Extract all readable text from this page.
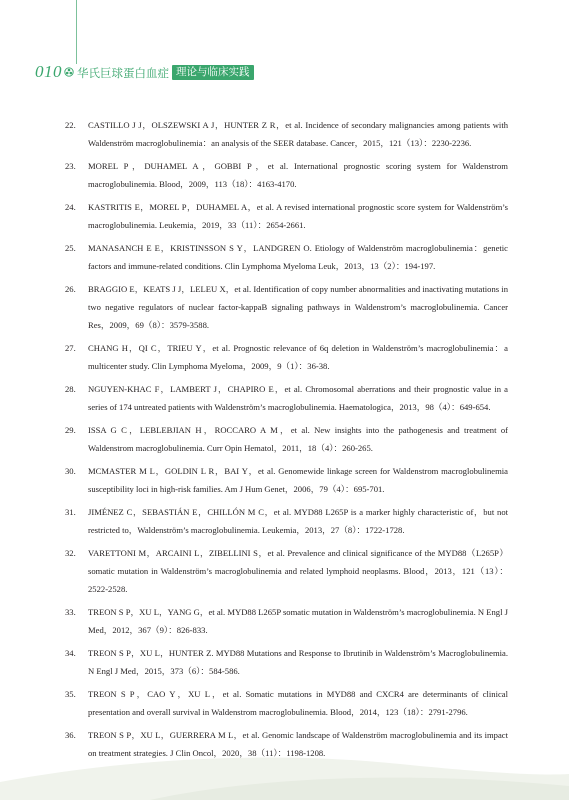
010 华氏巨球蛋白血症 理论与临床实践
22. CASTILLO J J，OLSZEWSKI A J，HUNTER Z R，et al. Incidence of secondary malignancies among patients with Waldenström macroglobulinemia：an analysis of the SEER database. Cancer，2015，121（13）：2230-2236.
23. MOREL P，DUHAMEL A，GOBBI P，et al. International prognostic scoring system for Waldenstrom macroglobulinemia. Blood，2009，113（18）：4163-4170.
24. KASTRITIS E，MOREL P，DUHAMEL A，et al. A revised international prognostic score system for Waldenström’s macroglobulinemia. Leukemia，2019，33（11）：2654-2661.
25. MANASANCH E E，KRISTINSSON S Y，LANDGREN O. Etiology of Waldenström macroglobulinemia：genetic factors and immune-related conditions. Clin Lymphoma Myeloma Leuk，2013，13（2）：194-197.
26. BRAGGIO E，KEATS J J，LELEU X，et al. Identification of copy number abnormalities and inactivating mutations in two negative regulators of nuclear factor-kappaB signaling pathways in Waldenstrom’s macroglobulinemia. Cancer Res，2009，69（8）：3579-3588.
27. CHANG H，QI C，TRIEU Y，et al. Prognostic relevance of 6q deletion in Waldenström’s macroglobulinemia：a multicenter study. Clin Lymphoma Myeloma，2009，9（1）：36-38.
28. NGUYEN-KHAC F，LAMBERT J，CHAPIRO E，et al. Chromosomal aberrations and their prognostic value in a series of 174 untreated patients with Waldenström’s macroglobulinemia. Haematologica，2013，98（4）：649-654.
29. ISSA G C，LEBLEBJIAN H，ROCCARO A M，et al. New insights into the pathogenesis and treatment of Waldenstrom macroglobulinemia. Curr Opin Hematol，2011，18（4）：260-265.
30. MCMASTER M L，GOLDIN L R，BAI Y，et al. Genomewide linkage screen for Waldenstrom macroglobulinemia susceptibility loci in high-risk families. Am J Hum Genet，2006，79（4）：695-701.
31. JIMÉNEZ C，SEBASTIÁN E，CHILLÓN M C，et al. MYD88 L265P is a marker highly characteristic of，but not restricted to，Waldenström’s macroglobulinemia. Leukemia，2013，27（8）：1722-1728.
32. VARETTONI M，ARCAINI L，ZIBELLINI S，et al. Prevalence and clinical significance of the MYD88（L265P）somatic mutation in Waldenström’s macroglobulinemia and related lymphoid neoplasms. Blood，2013，121（13）：2522-2528.
33. TREON S P，XU L，YANG G，et al. MYD88 L265P somatic mutation in Waldenström’s macroglobulinemia. N Engl J Med，2012，367（9）：826-833.
34. TREON S P，XU L，HUNTER Z. MYD88 Mutations and Response to Ibrutinib in Waldenström’s Macroglobulinemia. N Engl J Med，2015，373（6）：584-586.
35. TREON S P，CAO Y，XU L，et al. Somatic mutations in MYD88 and CXCR4 are determinants of clinical presentation and overall survival in Waldenstrom macroglobulinemia. Blood，2014，123（18）：2791-2796.
36. TREON S P，XU L，GUERRERA M L，et al. Genomic landscape of Waldenström macroglobulinemia and its impact on treatment strategies. J Clin Oncol，2020，38（11）：1198-1208.
